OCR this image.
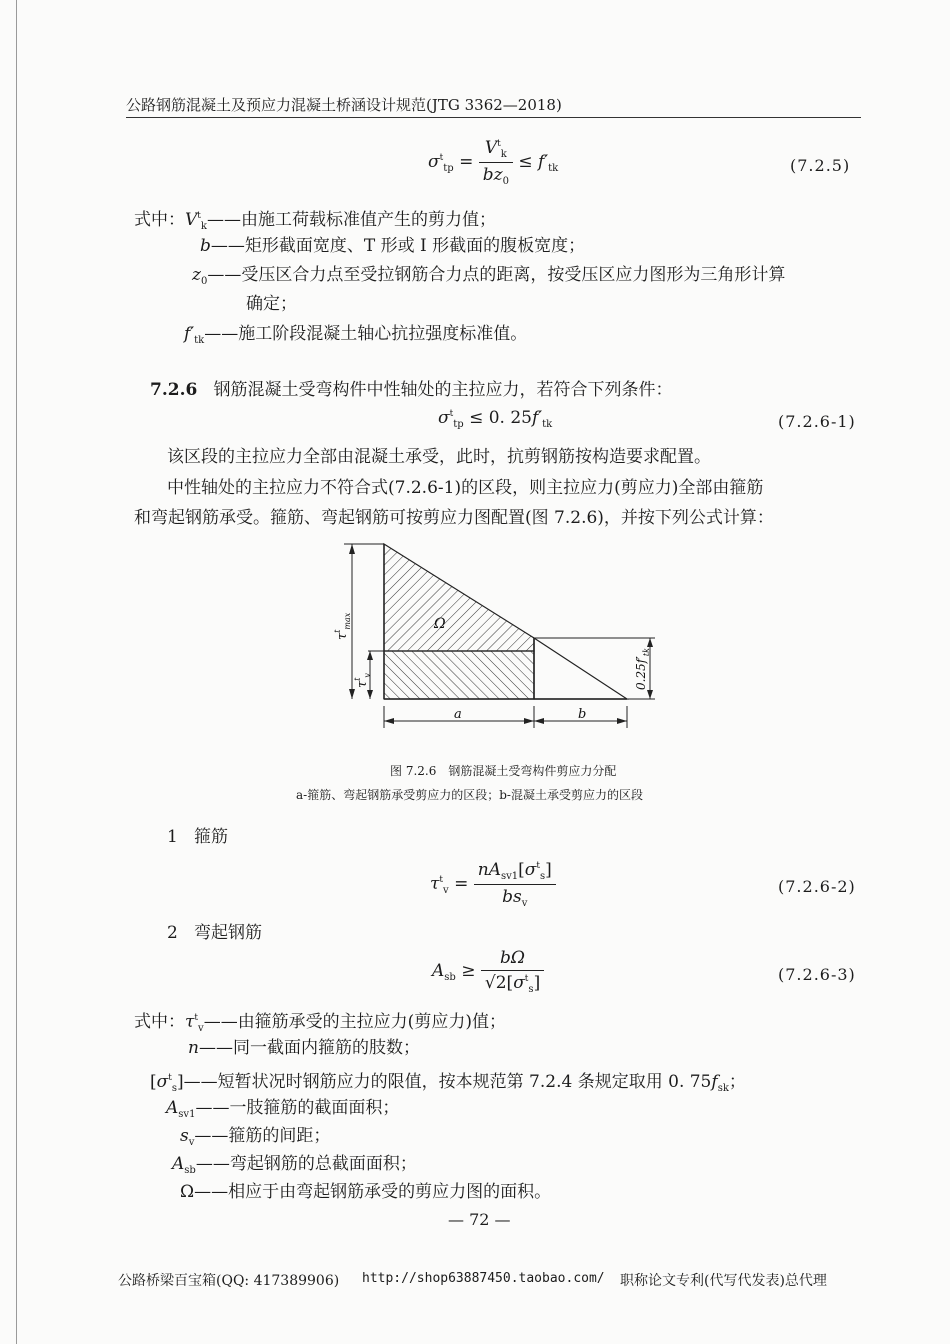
公路钢筋混凝土及预应力混凝土桥涵设计规范(JTG 3362—2018)
$\sigma^t_{tp} = \frac{V^t_k}{bz_0} \le f'_{tk}$	(7.2.5)
式中：$V^t_k——$由施工荷载标准值产生的剪力值；
b——矩形截面宽度、T 形或 I 形截面的腹板宽度；
$z_0——$受压区合力点至受拉钢筋合力点的距离，按受压区应力图形为三角形计算
确定；
$f'_{tk}——$施工阶段混凝土轴心抗拉强度标准值。
7.2.6 钢筋混凝土受弯构件中性轴处的主拉应力，若符合下列条件：
$\sigma^t_{tp} \le 0$. $25f'_{tk}$	(7.2.6-1)
该区段的主拉应力全部由混凝土承受，此时，抗剪钢筋按构造要求配置。
中性轴处的主拉应力不符合式(7.2.6-1)的区段，则主拉应力(剪应力)全部由箍筋
和弯起钢筋承受。箍筋、弯起钢筋可按剪应力图配置(图 7.2.6)，并按下列公式计算：
Ω
a	b
$\tau^t_{max}$
$\tau^t_v$	$0.25f'_{tk}$
图 7.2.6　钢筋混凝土受弯构件剪应力分配
a-箍筋、弯起钢筋承受剪应力的区段；b-混凝土承受剪应力的区段
1 箍筋
$\tau^t_v = \frac{nA_{sv1}[\sigma^t_s]}{bs_v}$	(7.2.6-2)
2 弯起钢筋
$A_{sb} \ge \frac{b\Omega}{√2[\sigma^t_s]}$	(7.2.6-3)
式中：$\tau^t_v——$由箍筋承受的主拉应力(剪应力)值；
n——同一截面内箍筋的肢数；
$[\sigma^t_s]——$短暂状况时钢筋应力的限值，按本规范第 7.2.4 条规定取用 0. $75f_{sk}$；
$A_{sv1}——$一肢箍筋的截面面积；
$s_v——$箍筋的间距；
$A_{sb}——$弯起钢筋的总截面面积；
Ω——相应于由弯起钢筋承受的剪应力图的面积。
— 72 —
公路桥梁百宝箱(QQ: 417389906) http://shop63887450.taobao.com/ 职称论文专利(代写代发表)总代理
